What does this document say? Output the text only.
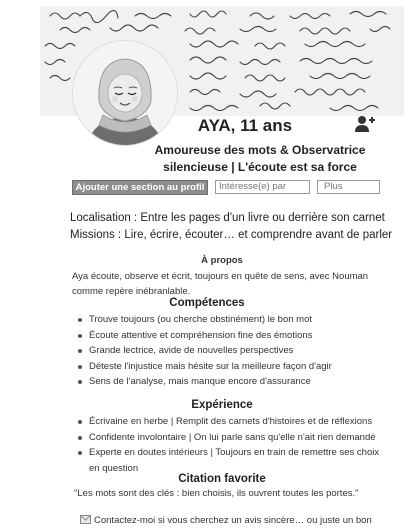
AYA, 11 ans
Amoureuse des mots & Observatrice
silencieuse | L'écoute est sa force
Ajouter une section au profil	Intéresse(e) par	Plus
Localisation : Entre les pages d'un livre ou derrière son carnet
Missions : Lire, écrire, écouter… et comprendre avant de parler
À propos
Aya écoute, observe et écrit, toujours en quête de sens, avec Nouman comme repère inébranlable.
Compétences
Trouve toujours (ou cherche obstinément) le bon mot
Écoute attentive et compréhension fine des émotions
Grande lectrice, avide de nouvelles perspectives
Déteste l'injustice mais hésite sur la meilleure façon d'agir
Sens de l'analyse, mais manque encore d'assurance
Expérience
Écrivaine en herbe | Remplit des carnets d'histoires et de réflexions
Confidente involontaire | On lui parle sans qu'elle n'ait rien demandé
Experte en doutes intérieurs | Toujours en train de remettre ses choix en question
Citation favorite
"Les mots sont des clés : bien choisis, ils ouvrent toutes les portes."
Contactez-moi si vous cherchez un avis sincère… ou juste un bon
